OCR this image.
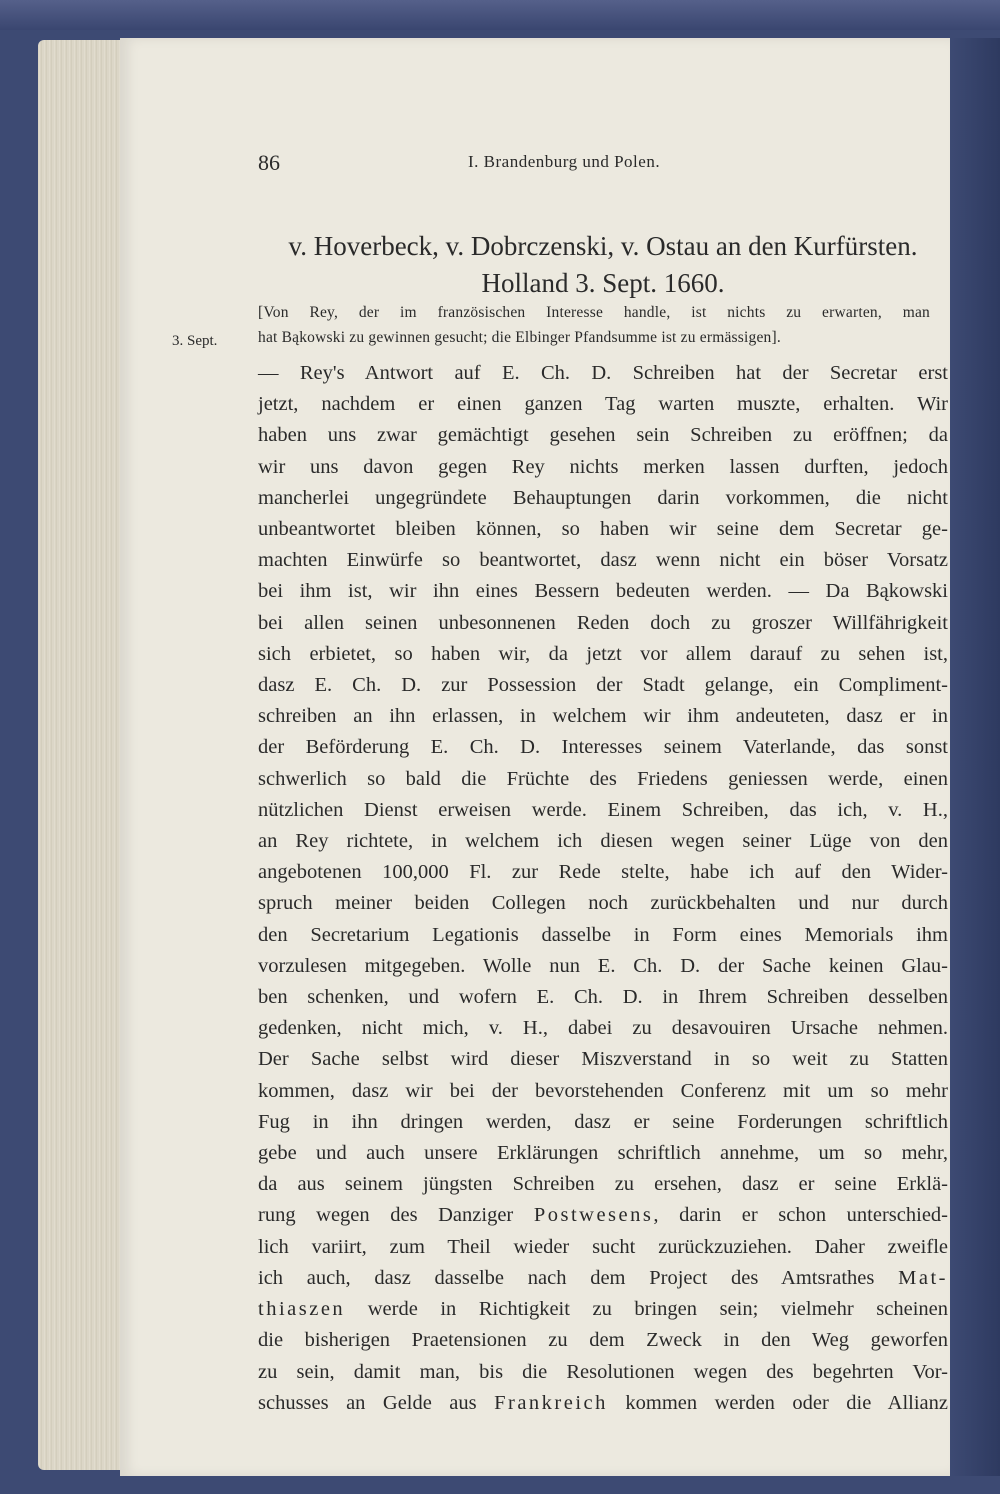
86	I. Brandenburg und Polen.
v. Hoverbeck, v. Dobrczenski, v. Ostau an den Kurfürsten.
Holland 3. Sept. 1660.
[Von Rey, der im französischen Interesse handle, ist nichts zu erwarten, man
hat Bąkowski zu gewinnen gesucht; die Elbinger Pfandsumme ist zu ermässigen].
— Rey's Antwort auf E. Ch. D. Schreiben hat der Secretar erst
jetzt, nachdem er einen ganzen Tag warten muszte, erhalten. Wir
haben uns zwar gemächtigt gesehen sein Schreiben zu eröffnen; da
wir uns davon gegen Rey nichts merken lassen durften, jedoch
mancherlei ungegründete Behauptungen darin vorkommen, die nicht
unbeantwortet bleiben können, so haben wir seine dem Secretar ge-
machten Einwürfe so beantwortet, dasz wenn nicht ein böser Vorsatz
bei ihm ist, wir ihn eines Bessern bedeuten werden. — Da Bąkowski
bei allen seinen unbesonnenen Reden doch zu groszer Willfährigkeit
sich erbietet, so haben wir, da jetzt vor allem darauf zu sehen ist,
dasz E. Ch. D. zur Possession der Stadt gelange, ein Compliment-
schreiben an ihn erlassen, in welchem wir ihm andeuteten, dasz er in
der Beförderung E. Ch. D. Interesses seinem Vaterlande, das sonst
schwerlich so bald die Früchte des Friedens geniessen werde, einen
nützlichen Dienst erweisen werde. Einem Schreiben, das ich, v. H.,
an Rey richtete, in welchem ich diesen wegen seiner Lüge von den
angebotenen 100,000 Fl. zur Rede stelte, habe ich auf den Wider-
spruch meiner beiden Collegen noch zurückbehalten und nur durch
den Secretarium Legationis dasselbe in Form eines Memorials ihm
vorzulesen mitgegeben. Wolle nun E. Ch. D. der Sache keinen Glau-
ben schenken, und wofern E. Ch. D. in Ihrem Schreiben desselben
gedenken, nicht mich, v. H., dabei zu desavouiren Ursache nehmen.
Der Sache selbst wird dieser Miszverstand in so weit zu Statten
kommen, dasz wir bei der bevorstehenden Conferenz mit um so mehr
Fug in ihn dringen werden, dasz er seine Forderungen schriftlich
gebe und auch unsere Erklärungen schriftlich annehme, um so mehr,
da aus seinem jüngsten Schreiben zu ersehen, dasz er seine Erklä-
rung wegen des Danziger Postwesens, darin er schon unterschied-
lich variirt, zum Theil wieder sucht zurückzuziehen. Daher zweifle
ich auch, dasz dasselbe nach dem Project des Amtsrathes Mat-
thiaszen werde in Richtigkeit zu bringen sein; vielmehr scheinen
die bisherigen Praetensionen zu dem Zweck in den Weg geworfen
zu sein, damit man, bis die Resolutionen wegen des begehrten Vor-
schusses an Gelde aus Frankreich kommen werden oder die Allianz
3. Sept.
